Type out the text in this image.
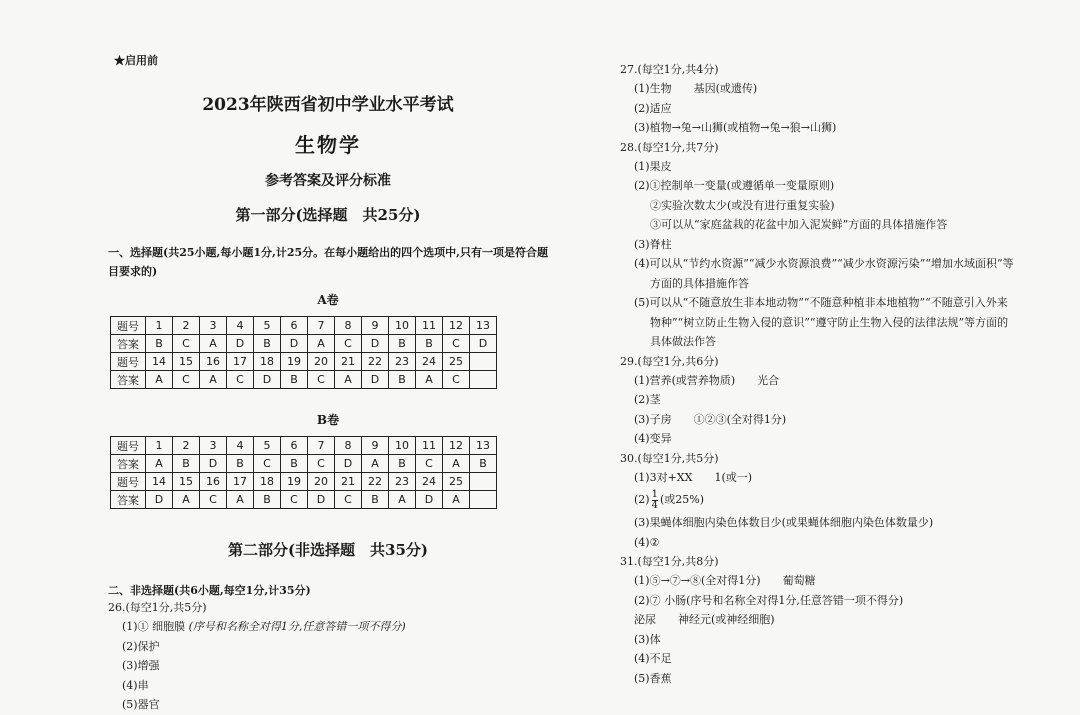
★启用前
2023年陕西省初中学业水平考试
生物学
参考答案及评分标准
第一部分(选择题　共25分)
一、选择题(共25小题,每小题1分,计25分。在每小题给出的四个选项中,只有一项是符合题目要求的)
A卷
题号	1	2	3	4	5	6	7	8	9	10	11	12	13
答案	B	C	A	D	B	D	A	C	D	B	B	C	D
题号	14	15	16	17	18	19	20	21	22	23	24	25	
答案	A	C	A	C	D	B	C	A	D	B	A	C	
B卷
题号	1	2	3	4	5	6	7	8	9	10	11	12	13
答案	A	B	D	B	C	B	C	D	A	B	C	A	B
题号	14	15	16	17	18	19	20	21	22	23	24	25	
答案	D	A	C	A	B	C	D	C	B	A	D	A	
第二部分(非选择题　共35分)
二、非选择题(共6小题,每空1分,计35分)
26.(每空1分,共5分)
(1)① 细胞膜 (序号和名称全对得1分,任意答错一项不得分)
(2)保护
(3)增强
(4)串
(5)器官
27.(每空1分,共4分)
(1)生物　　基因(或遗传)
(2)适应
(3)植物→兔→山狮(或植物→兔→狼→山狮)
28.(每空1分,共7分)
(1)果皮
(2)①控制单一变量(或遵循单一变量原则)
②实验次数太少(或没有进行重复实验)
③可以从“家庭盆栽的花盆中加入泥炭鲜”方面的具体措施作答
(3)脊柱
(4)可以从“节约水资源”“减少水资源浪费”“减少水资源污染”“增加水域面积”等
方面的具体措施作答
(5)可以从“不随意放生非本地动物”“不随意种植非本地植物”“不随意引入外来
物种”“树立防止生物入侵的意识”“遵守防止生物入侵的法律法规”等方面的
具体做法作答
29.(每空1分,共6分)
(1)营养(或营养物质)　　光合
(2)茎
(3)子房　　①②③(全对得1分)
(4)变异
30.(每空1分,共5分)
(1)3对+XX　　1(或一)
$(2) \frac{1}{4}$ (或25%)
(3)果蝇体细胞内染色体数目少(或果蝇体细胞内染色体数量少)
(4)②
31.(每空1分,共8分)
(1)⑤→⑦→⑧(全对得1分)　　葡萄糖
(2)⑦ 小肠(序号和名称全对得1分,任意答错一项不得分)
泌尿　　神经元(或神经细胞)
(3)体
(4)不足
(5)香蕉
